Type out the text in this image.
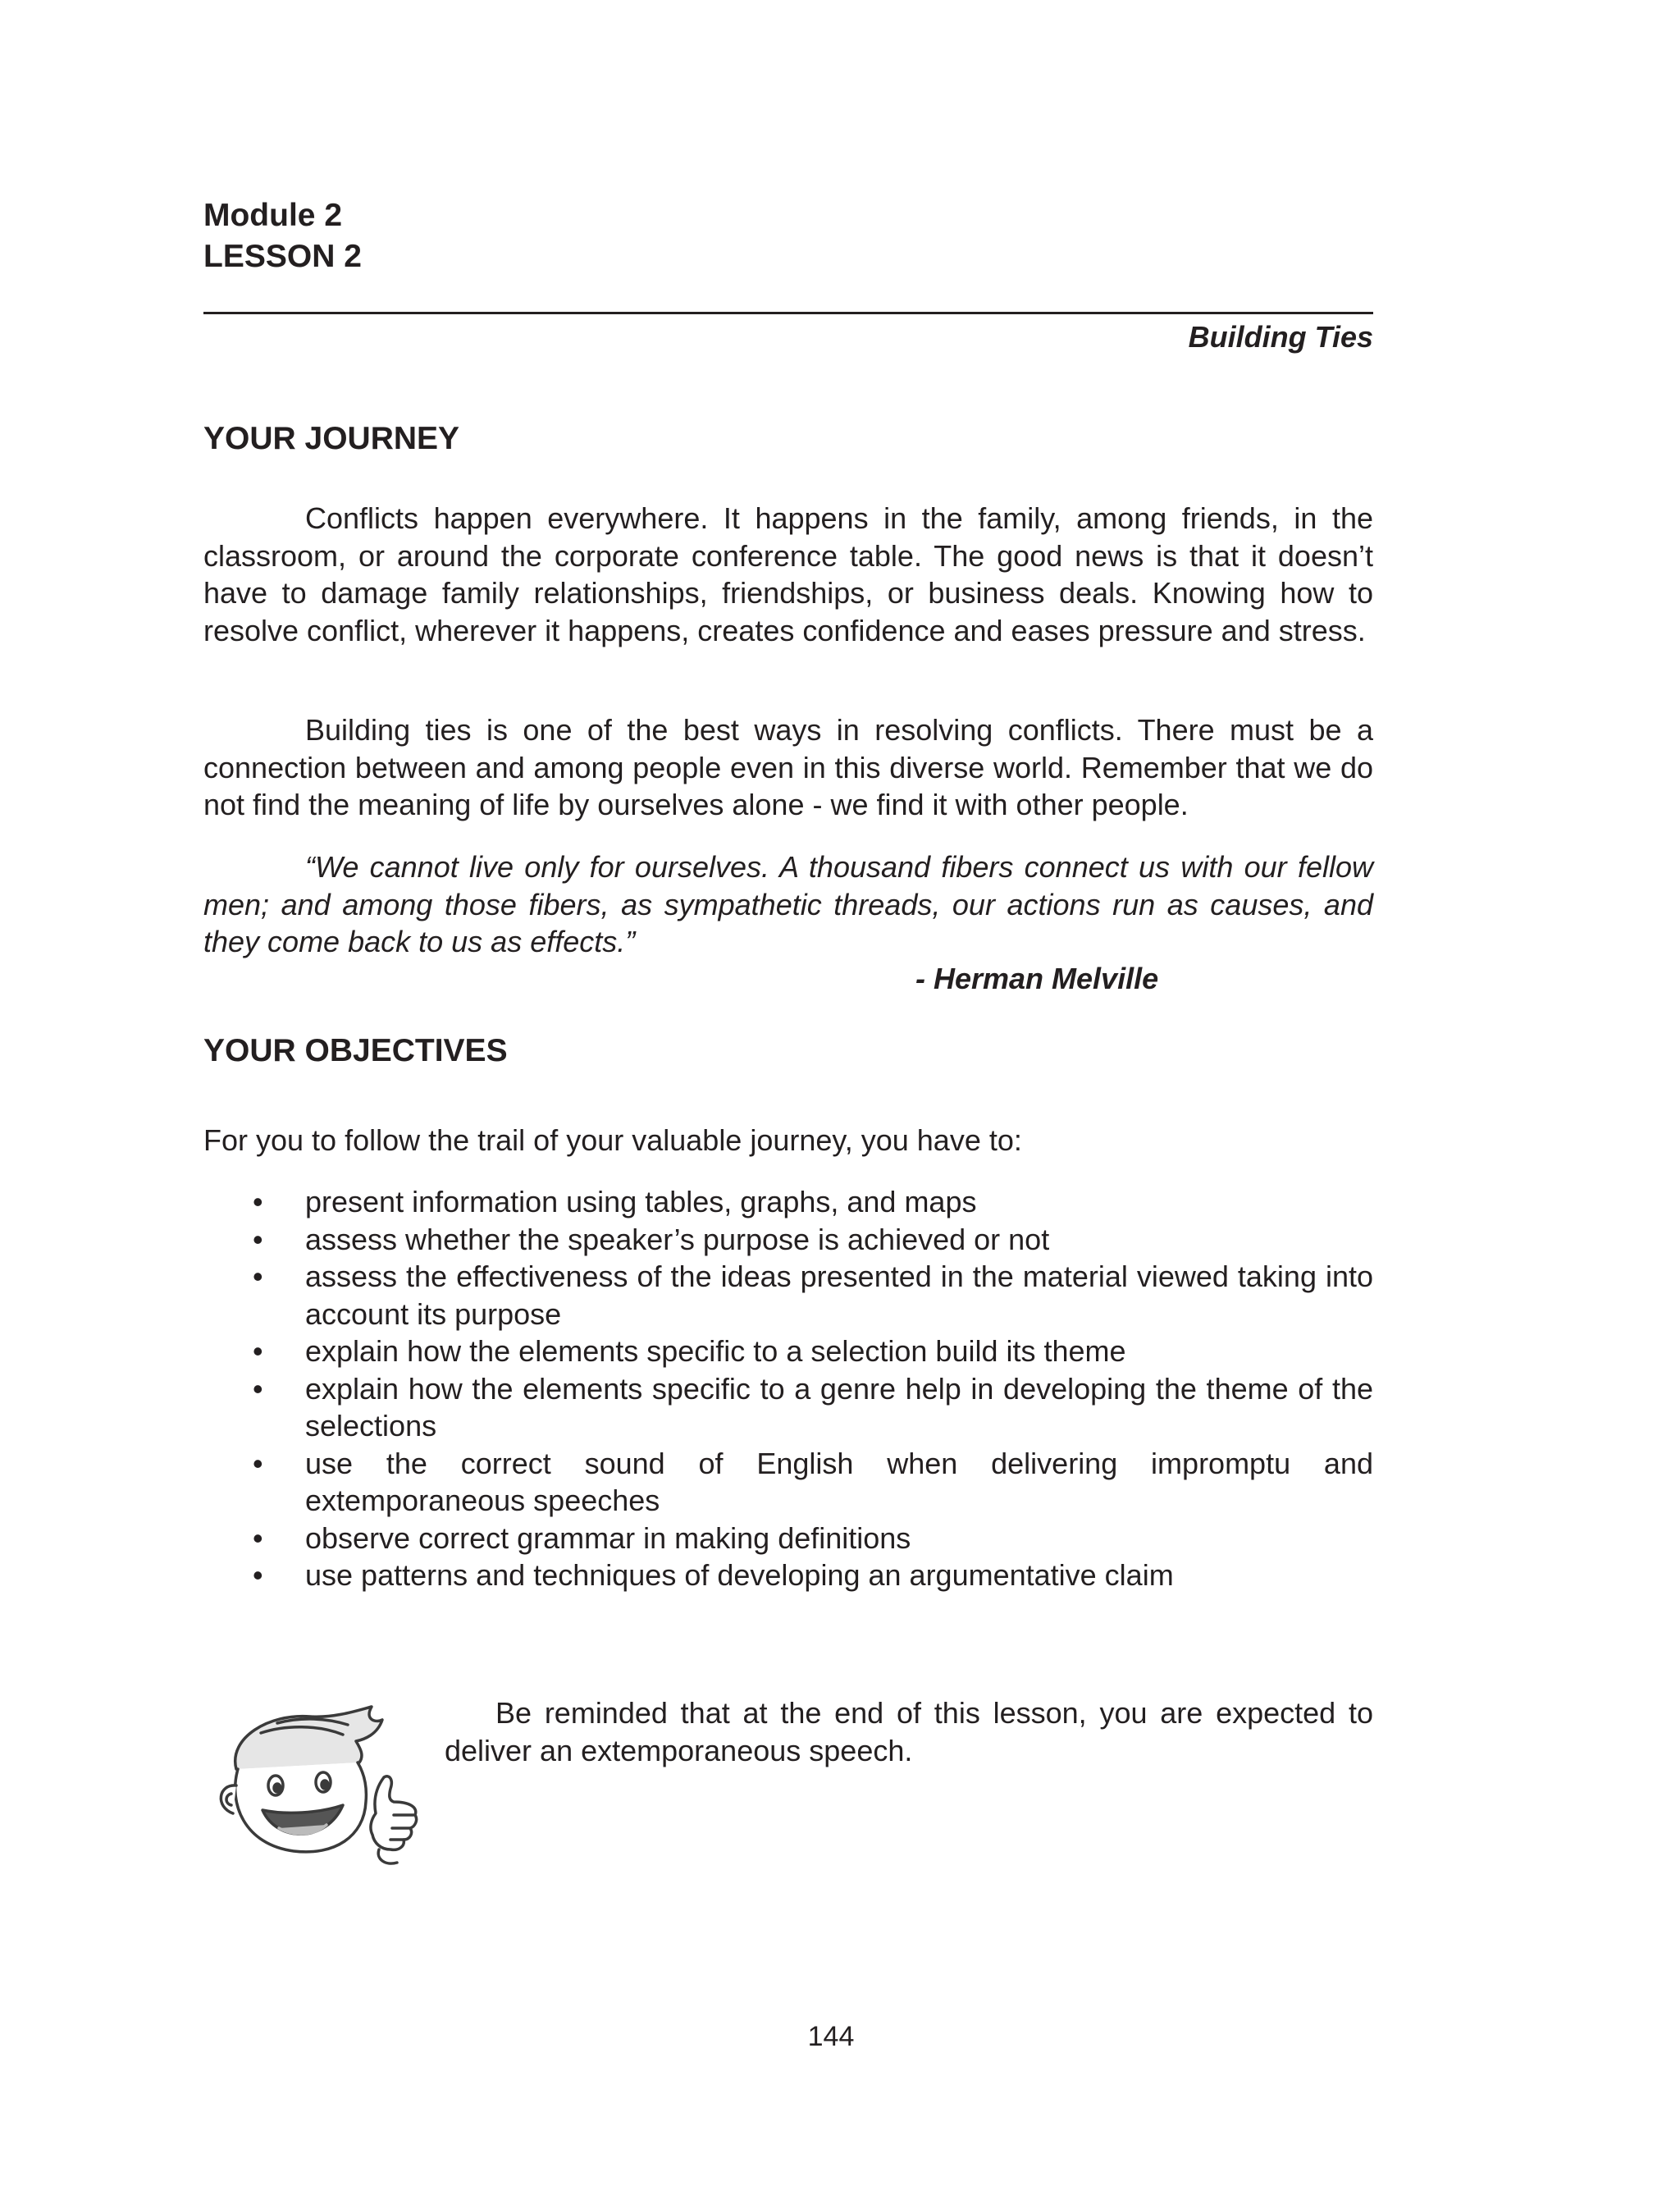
Module 2
LESSON 2
Building Ties
YOUR JOURNEY

Conflicts happen everywhere. It happens in the family, among friends, in the classroom, or around the corporate conference table. The good news is that it doesn’t have to damage family relationships, friendships, or business deals. Knowing how to resolve conflict, wherever it happens, creates confidence and eases pressure and stress.

Building ties is one of the best ways in resolving conflicts. There must be a connection between and among people even in this diverse world. Remember that we do not find the meaning of life by ourselves alone - we find it with other people.

“We cannot live only for ourselves. A thousand fibers connect us with our fellow men; and among those fibers, as sympathetic threads, our actions run as causes, and they come back to us as effects.”

- Herman Melville
YOUR OBJECTIVES
For you to follow the trail of your valuable journey, you have to:
• present information using tables, graphs, and maps
• assess whether the speaker’s purpose is achieved or not
• assess the effectiveness of the ideas presented in the material viewed taking into account its purpose
• explain how the elements specific to a selection build its theme
• explain how the elements specific to a genre help in developing the theme of the selections
• use the correct sound of English when delivering impromptu and extemporaneous speeches
• observe correct grammar in making definitions
• use patterns and techniques of developing an argumentative claim

Be reminded that at the end of this lesson, you are expected to deliver an extemporaneous speech.

144
